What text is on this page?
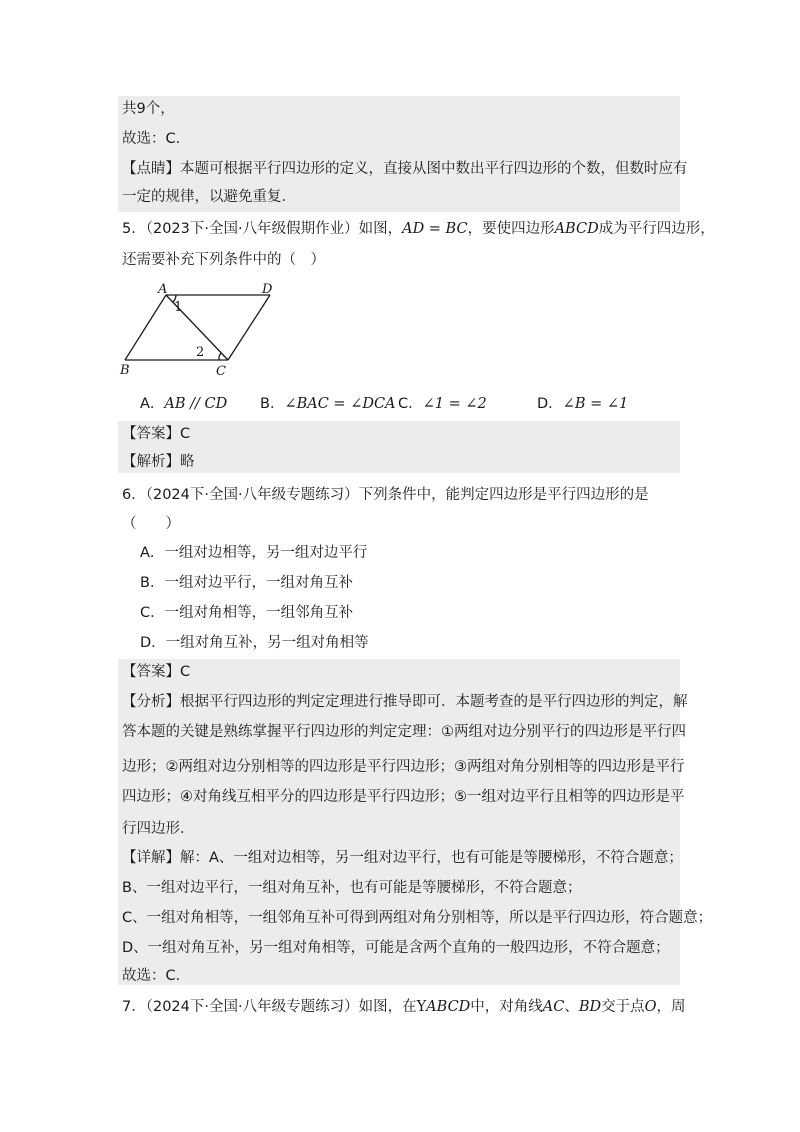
共9个，
故选：C．
【点睛】本题可根据平行四边形的定义，直接从图中数出平行四边形的个数，但数时应有
一定的规律，以避免重复．
5．（2023下·全国·八年级假期作业）如图，AD = BC，要使四边形ABCD成为平行四边形，
还需要补充下列条件中的（　）
A	D
B	C
1
2
A．AB // CD B．∠BAC = ∠DCA C．∠1 = ∠2	D．∠B = ∠1
【答案】C
【解析】略
6．（2024下·全国·八年级专题练习）下列条件中，能判定四边形是平行四边形的是
（　　）
A．一组对边相等，另一组对边平行
B．一组对边平行，一组对角互补
C．一组对角相等，一组邻角互补
D．一组对角互补，另一组对角相等
【答案】C
【分析】根据平行四边形的判定定理进行推导即可．本题考查的是平行四边形的判定，解
答本题的关键是熟练掌握平行四边形的判定定理：①两组对边分别平行的四边形是平行四
边形；②两组对边分别相等的四边形是平行四边形；③两组对角分别相等的四边形是平行
四边形；④对角线互相平分的四边形是平行四边形；⑤一组对边平行且相等的四边形是平
行四边形．
【详解】解：A、一组对边相等，另一组对边平行，也有可能是等腰梯形，不符合题意；
B、一组对边平行，一组对角互补，也有可能是等腰梯形，不符合题意；
C、一组对角相等，一组邻角互补可得到两组对角分别相等，所以是平行四边形，符合题意；
D、一组对角互补，另一组对角相等，可能是含两个直角的一般四边形，不符合题意；
故选：C．
7．（2024下·全国·八年级专题练习）如图，在YABCD中，对角线AC、BD交于点O，周
